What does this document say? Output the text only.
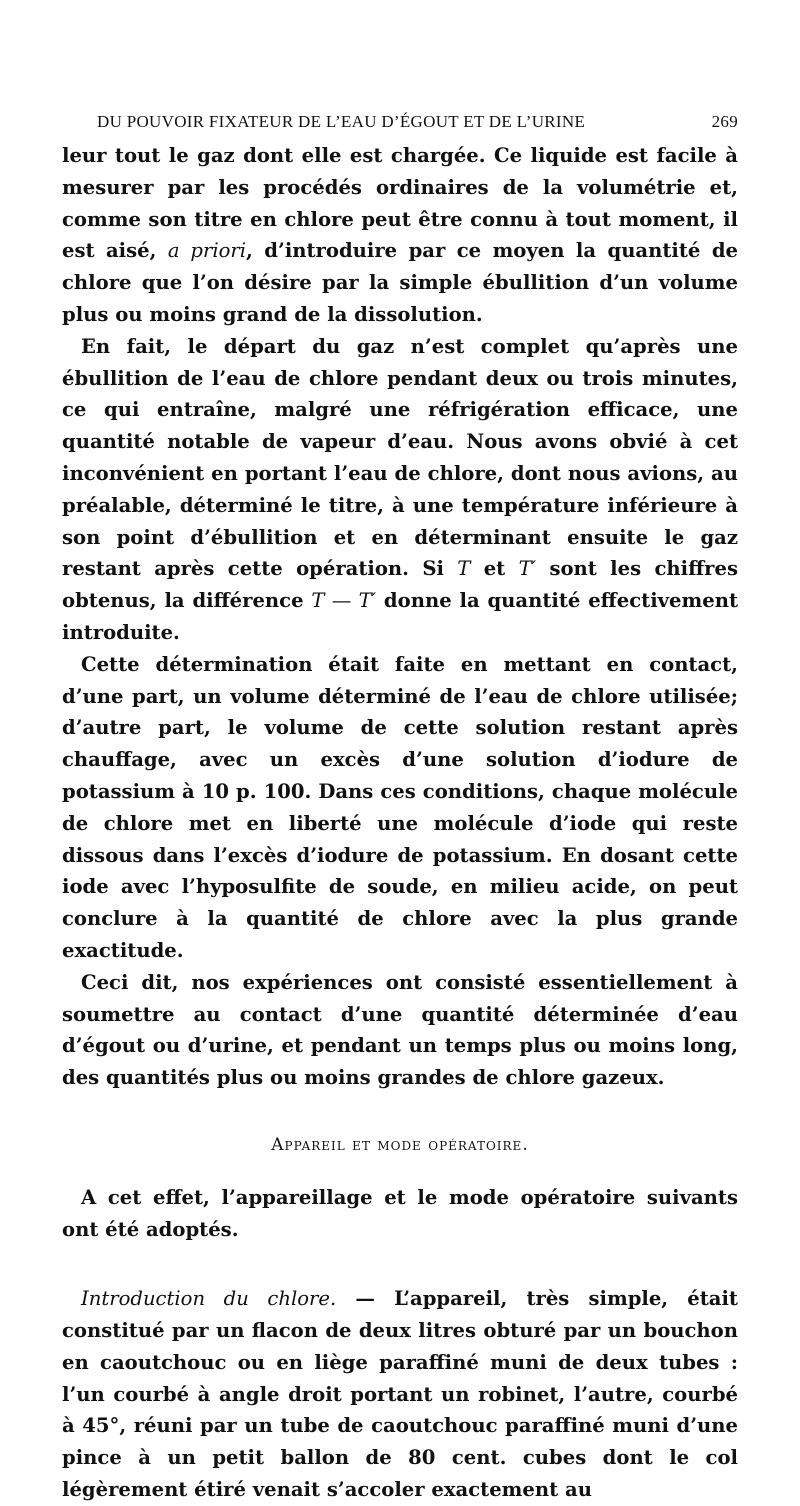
DU POUVOIR FIXATEUR DE L’EAU D’ÉGOUT ET DE L’URINE	269

leur tout le gaz dont elle est chargée. Ce liquide est facile à mesurer par les procédés ordinaires de la volumétrie et, comme son titre en chlore peut être connu à tout moment, il est aisé, a priori, d’introduire par ce moyen la quantité de chlore que l’on désire par la simple ébullition d’un volume plus ou moins grand de la dissolution.

En fait, le départ du gaz n’est complet qu’après une ébullition de l’eau de chlore pendant deux ou trois minutes, ce qui entraîne, malgré une réfrigération efficace, une quantité notable de vapeur d’eau. Nous avons obvié à cet inconvénient en portant l’eau de chlore, dont nous avions, au préalable, déterminé le titre, à une température inférieure à son point d’ébullition et en déterminant ensuite le gaz restant après cette opération. Si T et T′ sont les chiffres obtenus, la différence T — T′ donne la quantité effectivement introduite.

Cette détermination était faite en mettant en contact, d’une part, un volume déterminé de l’eau de chlore utilisée; d’autre part, le volume de cette solution restant après chauffage, avec un excès d’une solution d’iodure de potassium à 10 p. 100. Dans ces conditions, chaque molécule de chlore met en liberté une molécule d’iode qui reste dissous dans l’excès d’iodure de potassium. En dosant cette iode avec l’hyposulfite de soude, en milieu acide, on peut conclure à la quantité de chlore avec la plus grande exactitude.

Ceci dit, nos expériences ont consisté essentiellement à soumettre au contact d’une quantité déterminée d’eau d’égout ou d’urine, et pendant un temps plus ou moins long, des quantités plus ou moins grandes de chlore gazeux.

Appareil et mode opératoire.

A cet effet, l’appareillage et le mode opératoire suivants ont été adoptés.

Introduction du chlore. — L’appareil, très simple, était constitué par un flacon de deux litres obturé par un bouchon en caoutchouc ou en liège paraffiné muni de deux tubes : l’un courbé à angle droit portant un robinet, l’autre, courbé à 45°, réuni par un tube de caoutchouc paraffiné muni d’une pince à un petit ballon de 80 cent. cubes dont le col légèrement étiré venait s’accoler exactement au
